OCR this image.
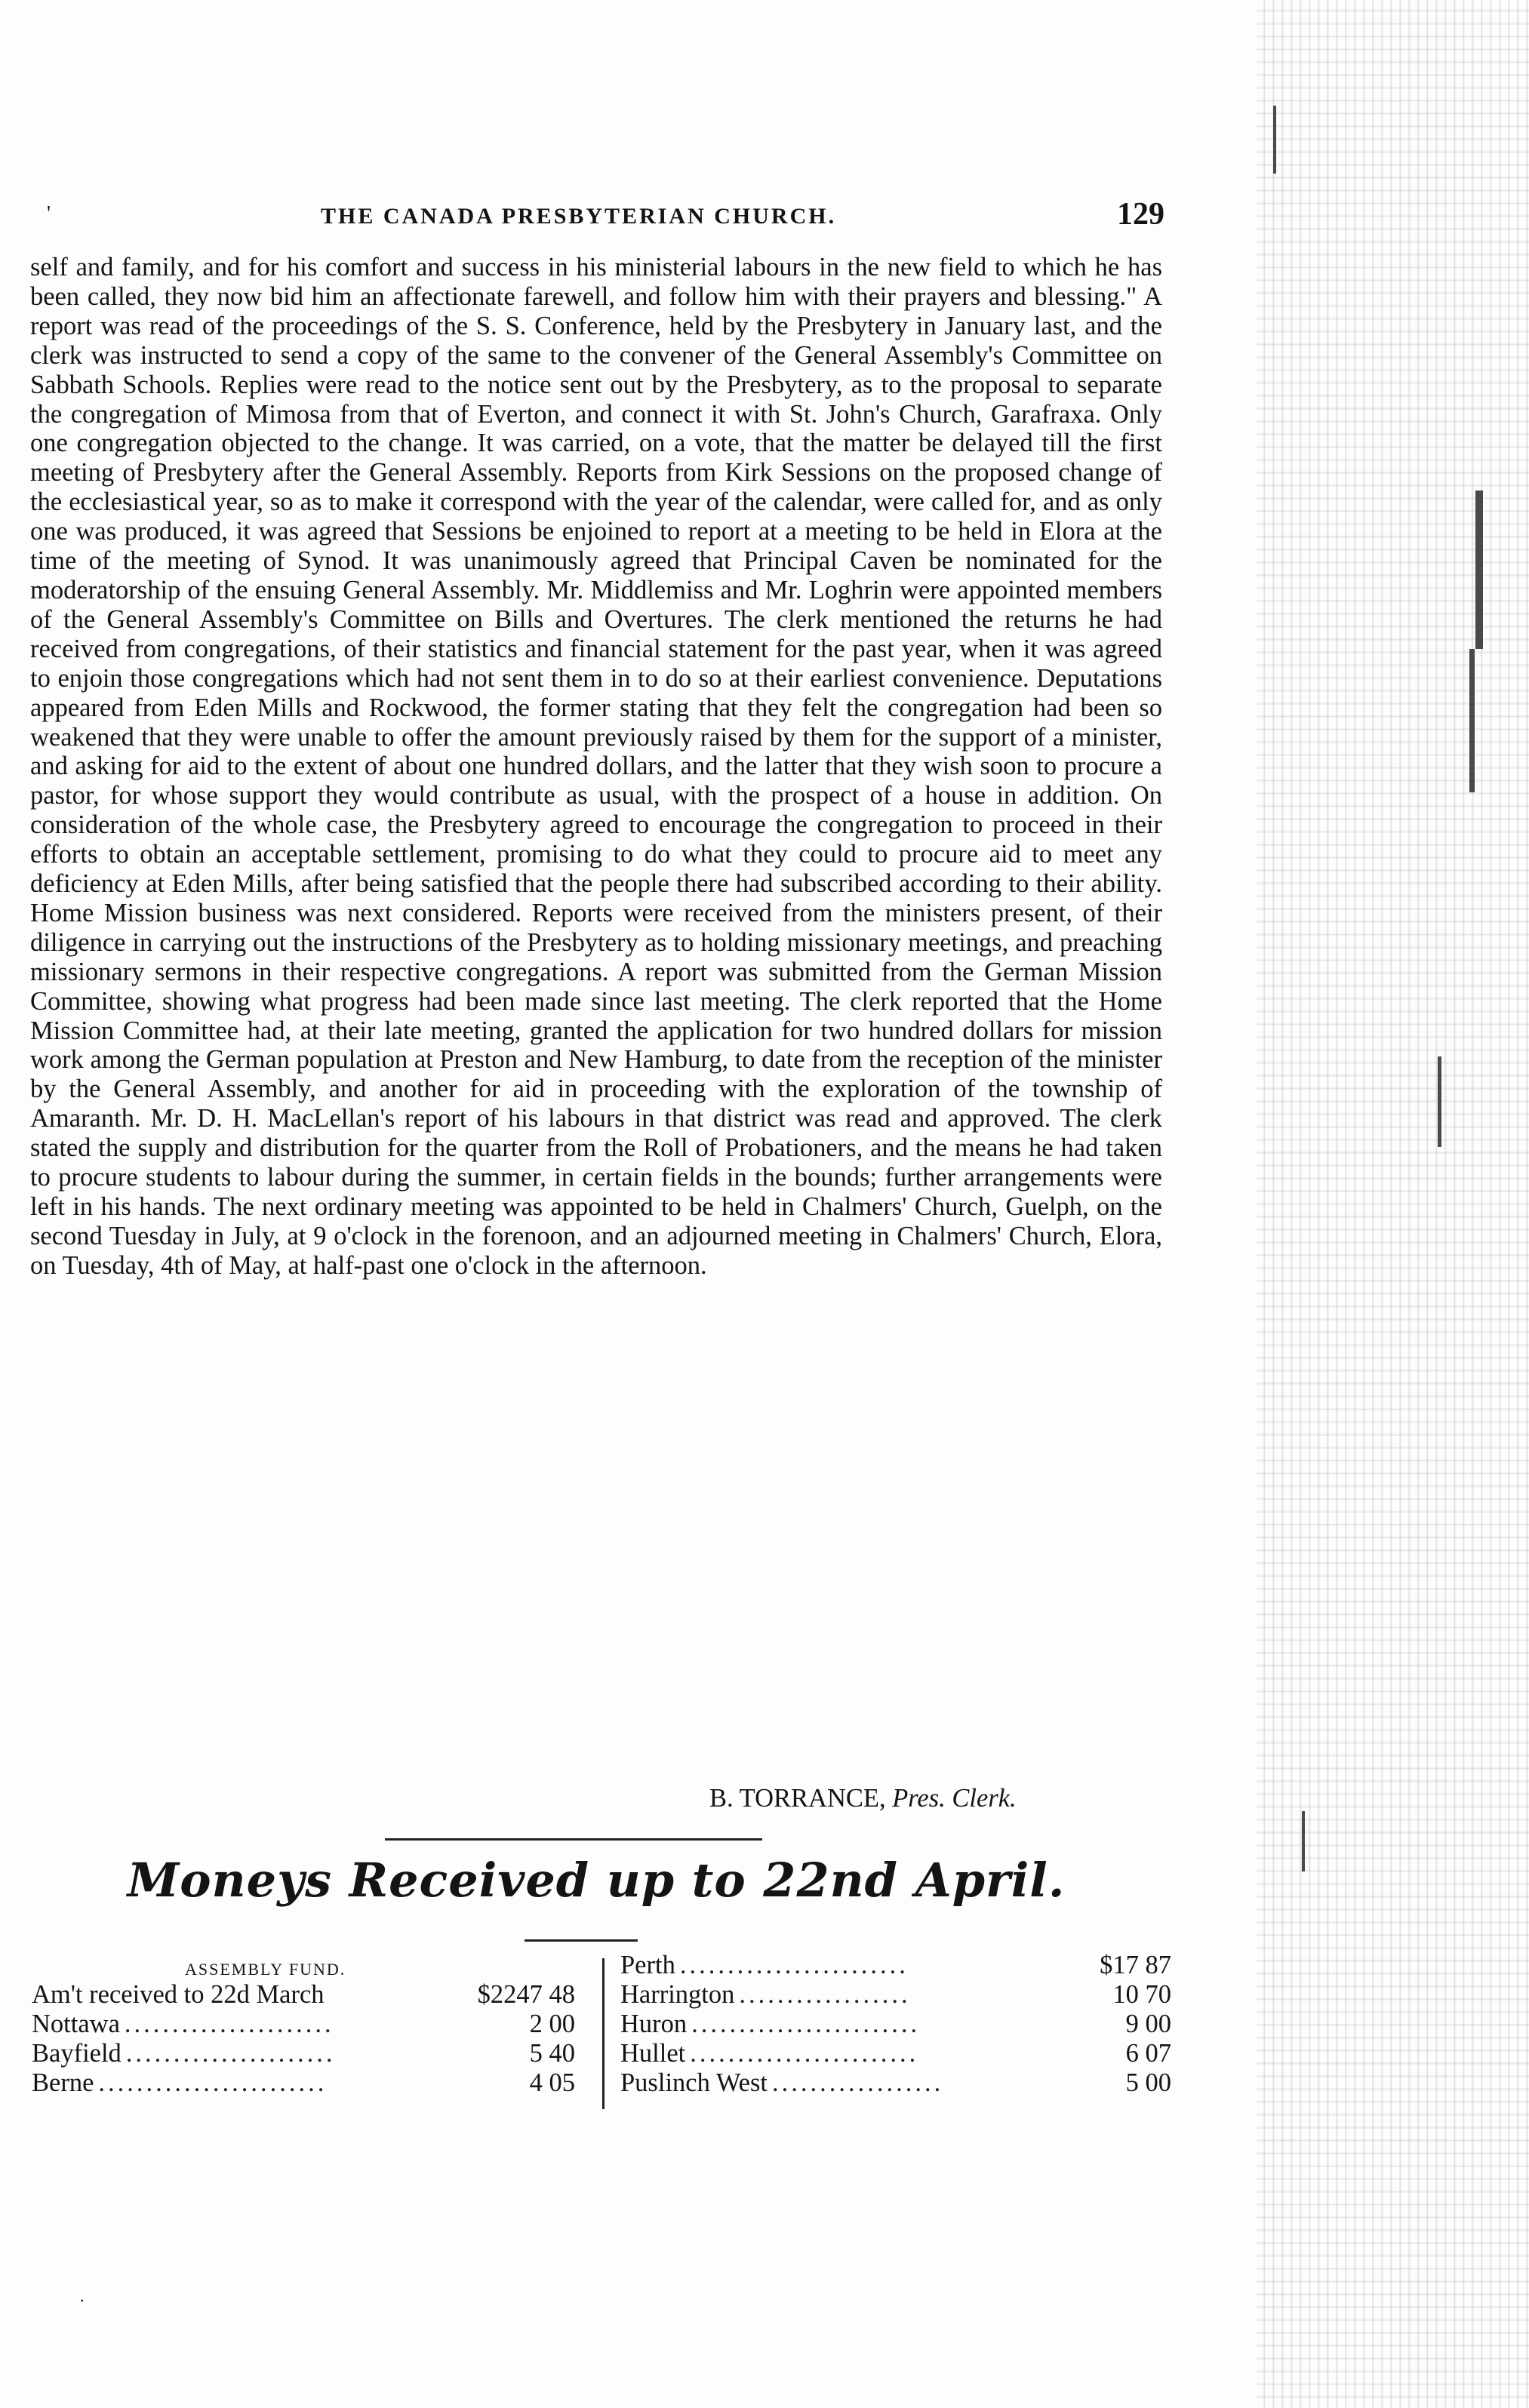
'	THE CANADA PRESBYTERIAN CHURCH.	129

self and family, and for his comfort and success in his ministerial labours in the new field to which he has been called, they now bid him an affectionate farewell, and follow him with their prayers and blessing." A report was read of the proceedings of the S. S. Conference, held by the Presbytery in January last, and the clerk was instructed to send a copy of the same to the convener of the General Assembly's Committee on Sabbath Schools. Replies were read to the notice sent out by the Presbytery, as to the proposal to separate the congregation of Mimosa from that of Everton, and connect it with St. John's Church, Garafraxa. Only one congregation objected to the change. It was carried, on a vote, that the matter be delayed till the first meeting of Presbytery after the General Assembly. Reports from Kirk Sessions on the proposed change of the ecclesiastical year, so as to make it correspond with the year of the calendar, were called for, and as only one was produced, it was agreed that Sessions be enjoined to report at a meeting to be held in Elora at the time of the meeting of Synod. It was unanimously agreed that Principal Caven be nominated for the moderatorship of the ensuing General Assembly. Mr. Middlemiss and Mr. Loghrin were appointed members of the General Assembly's Committee on Bills and Overtures. The clerk mentioned the returns he had received from congregations, of their statistics and financial statement for the past year, when it was agreed to enjoin those congregations which had not sent them in to do so at their earliest convenience. Deputations appeared from Eden Mills and Rockwood, the former stating that they felt the congregation had been so weakened that they were unable to offer the amount previously raised by them for the support of a minister, and asking for aid to the extent of about one hundred dollars, and the latter that they wish soon to procure a pastor, for whose support they would contribute as usual, with the prospect of a house in addition. On consideration of the whole case, the Presbytery agreed to encourage the congregation to proceed in their efforts to obtain an acceptable settlement, promising to do what they could to procure aid to meet any deficiency at Eden Mills, after being satisfied that the people there had subscribed according to their ability. Home Mission business was next considered. Reports were received from the ministers present, of their diligence in carrying out the instructions of the Presbytery as to holding missionary meetings, and preaching missionary sermons in their respective congregations. A report was submitted from the German Mission Committee, showing what progress had been made since last meeting. The clerk reported that the Home Mission Committee had, at their late meeting, granted the application for two hundred dollars for mission work among the German population at Preston and New Hamburg, to date from the reception of the minister by the General Assembly, and another for aid in proceeding with the exploration of the township of Amaranth. Mr. D. H. MacLellan's report of his labours in that district was read and approved. The clerk stated the supply and distribution for the quarter from the Roll of Probationers, and the means he had taken to procure students to labour during the summer, in certain fields in the bounds; further arrangements were left in his hands. The next ordinary meeting was appointed to be held in Chalmers' Church, Guelph, on the second Tuesday in July, at 9 o'clock in the forenoon, and an adjourned meeting in Chalmers' Church, Elora, on Tuesday, 4th of May, at half-past one o'clock in the afternoon.

B. TORRANCE, Pres. Clerk.
Moneys Received up to 22nd April.
ASSEMBLY FUND.
Am't received to 22d March	$2247 48
Nottawa ......................	2 00
Bayfield ......................	5 40
Berne ........................	4 05
Perth ........................	$17 87
Harrington ..................	10 70
Huron ........................	9 00
Hullet ........................	6 07
Puslinch West ..................	5 00
.
